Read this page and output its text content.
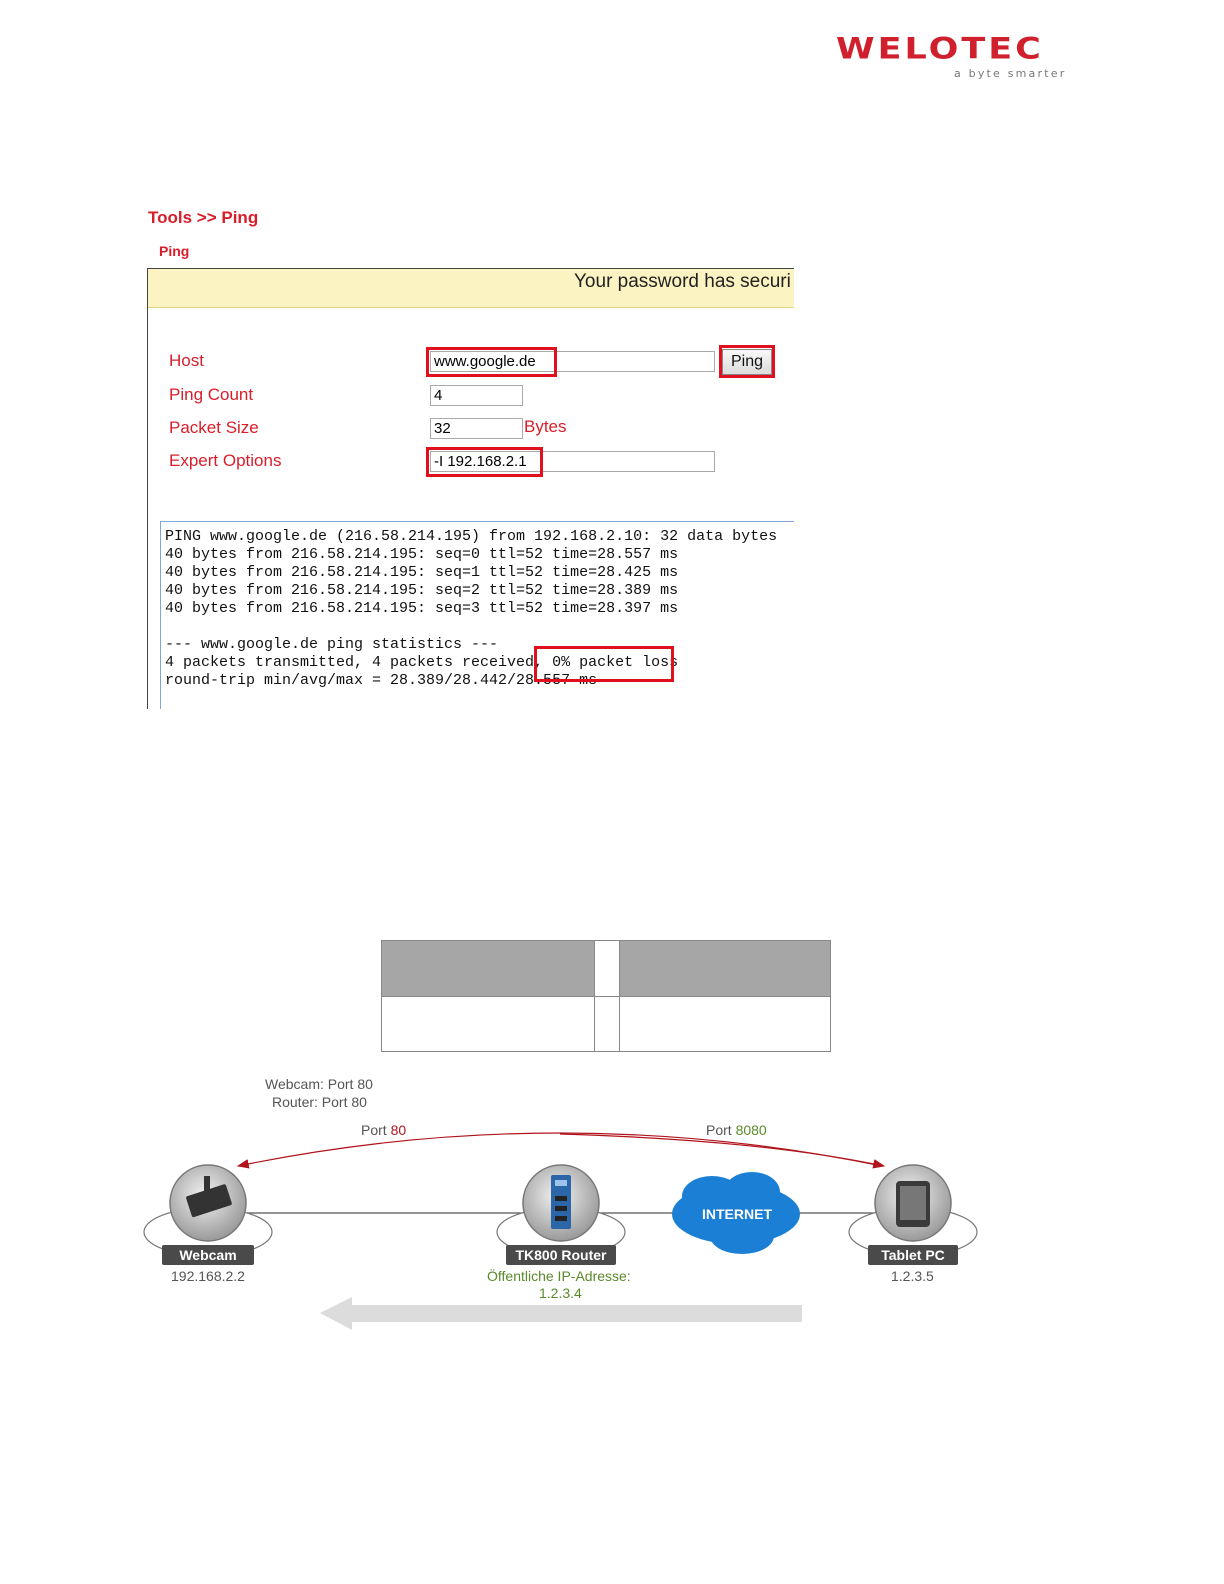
WELOTEC
a byte smarter
Tools >> Ping
Ping
Your password has securi
Host	www.google.de	Ping
Ping Count	4
Packet Size	32	Bytes
Expert Options	-I 192.168.2.1
PING www.google.de (216.58.214.195) from 192.168.2.10: 32 data bytes
40 bytes from 216.58.214.195: seq=0 ttl=52 time=28.557 ms
40 bytes from 216.58.214.195: seq=1 ttl=52 time=28.425 ms
40 bytes from 216.58.214.195: seq=2 ttl=52 time=28.389 ms
40 bytes from 216.58.214.195: seq=3 ttl=52 time=28.397 ms
--- www.google.de ping statistics ---
4 packets transmitted, 4 packets received, 0% packet loss
round-trip min/avg/max = 28.389/28.442/28.557 ms
Webcam: Port 80
Router: Port 80
Port 80	Port 8080
INTERNET
Webcam
192.168.2.2
TK800 Router
Öffentliche IP-Adresse:
1.2.3.4
Tablet PC
1.2.3.5
